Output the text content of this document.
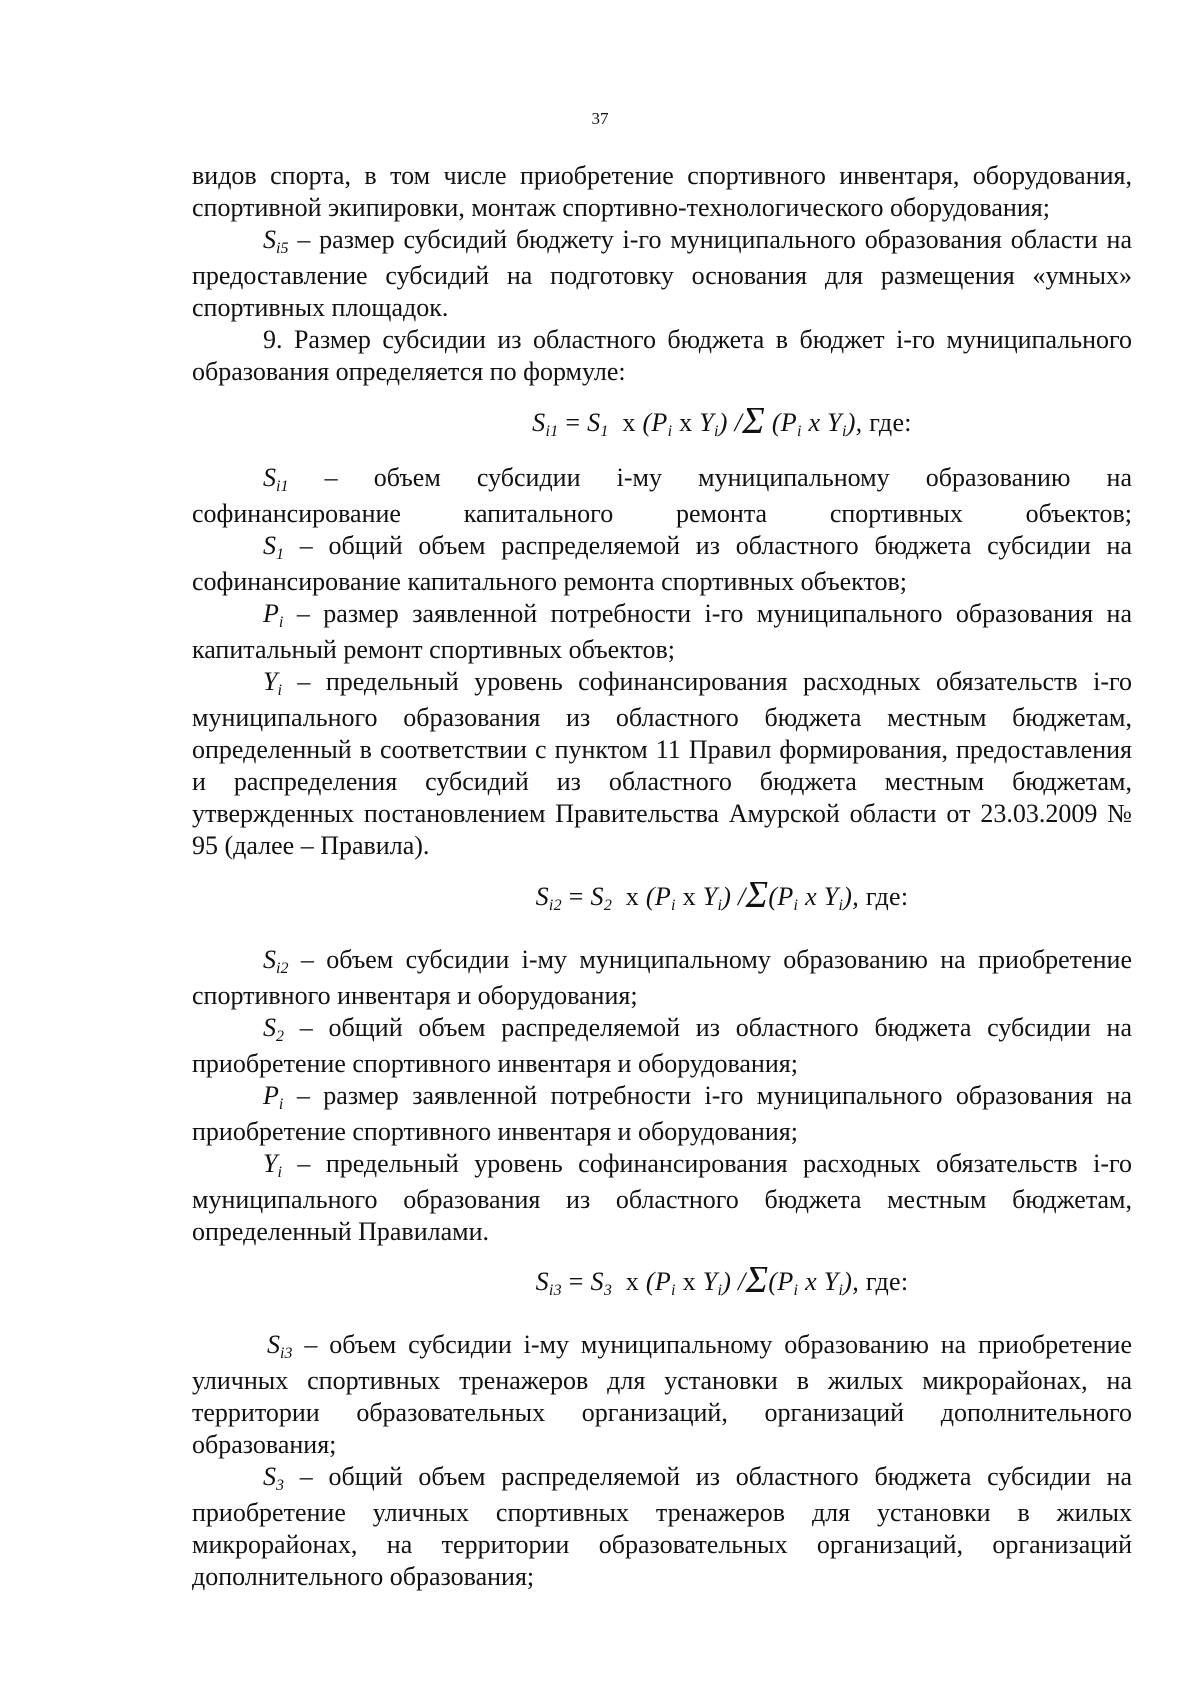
37

видов спорта, в том числе приобретение спортивного инвентаря, оборудования, спортивной экипировки, монтаж спортивно-технологического оборудования;

Si5 – размер субсидий бюджету i-го муниципального образования области на предоставление субсидий на подготовку основания для размещения «умных» спортивных площадок.

9. Размер субсидии из областного бюджета в бюджет i-го муниципального образования определяется по формуле:

Si1 = S1 x (Pi x Yi) /Σ (Pi x Yi), где:

Si1 – объем субсидии i-му муниципальному образованию на софинансирование капитального ремонта спортивных объектов;

S1 – общий объем распределяемой из областного бюджета субсидии на софинансирование капитального ремонта спортивных объектов;

Pi – размер заявленной потребности i-го муниципального образования на капитальный ремонт спортивных объектов;

Yi – предельный уровень софинансирования расходных обязательств i-го муниципального образования из областного бюджета местным бюджетам, определенный в соответствии с пунктом 11 Правил формирования, предоставления и распределения субсидий из областного бюджета местным бюджетам, утвержденных постановлением Правительства Амурской области от 23.03.2009 № 95 (далее – Правила).

Si2 = S2 x (Pi x Yi) /Σ(Pi x Yi), где:

Si2 – объем субсидии i-му муниципальному образованию на приобретение спортивного инвентаря и оборудования;

S2 – общий объем распределяемой из областного бюджета субсидии на приобретение спортивного инвентаря и оборудования;

Pi – размер заявленной потребности i-го муниципального образования на приобретение спортивного инвентаря и оборудования;

Yi – предельный уровень софинансирования расходных обязательств i-го муниципального образования из областного бюджета местным бюджетам, определенный Правилами.

Si3 = S3 x (Pi x Yi) /Σ(Pi x Yi), где:

Si3 – объем субсидии i-му муниципальному образованию на приобретение уличных спортивных тренажеров для установки в жилых микрорайонах, на территории образовательных организаций, организаций дополнительного образования;

S3 – общий объем распределяемой из областного бюджета субсидии на приобретение уличных спортивных тренажеров для установки в жилых микрорайонах, на территории образовательных организаций, организаций дополнительного образования;
